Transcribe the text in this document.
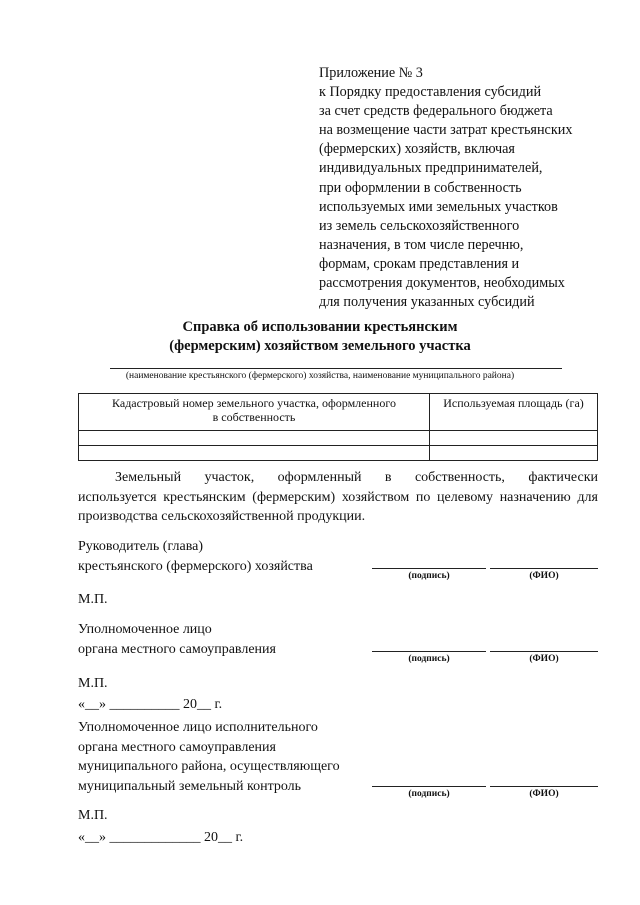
Приложение № 3
к Порядку предоставления субсидий
за счет средств федерального бюджета
на возмещение части затрат крестьянских
(фермерских) хозяйств, включая
индивидуальных предпринимателей,
при оформлении в собственность
используемых ими земельных участков
из земель сельскохозяйственного
назначения, в том числе перечню,
формам, срокам представления и
рассмотрения документов, необходимых
для получения указанных субсидий
Справка об использовании крестьянским
(фермерским) хозяйством земельного участка
(наименование крестьянского (фермерского) хозяйства, наименование муниципального района)
Кадастровый номер земельного участка, оформленного
в собственность	Используемая площадь (га)

Земельный участок, оформленный в собственность, фактически
используется крестьянским (фермерским) хозяйством по целевому назначению для производства сельскохозяйственной продукции.
Руководитель (глава)
крестьянского (фермерского) хозяйства
(подпись)	(ФИО)
М.П.
Уполномоченное лицо
органа местного самоуправления
(подпись)	(ФИО)
М.П.
«__» __________ 20__ г.
Уполномоченное лицо исполнительного
органа местного самоуправления
муниципального района, осуществляющего
муниципальный земельный контроль
(подпись)	(ФИО)
М.П.
«__» _____________ 20__ г.
